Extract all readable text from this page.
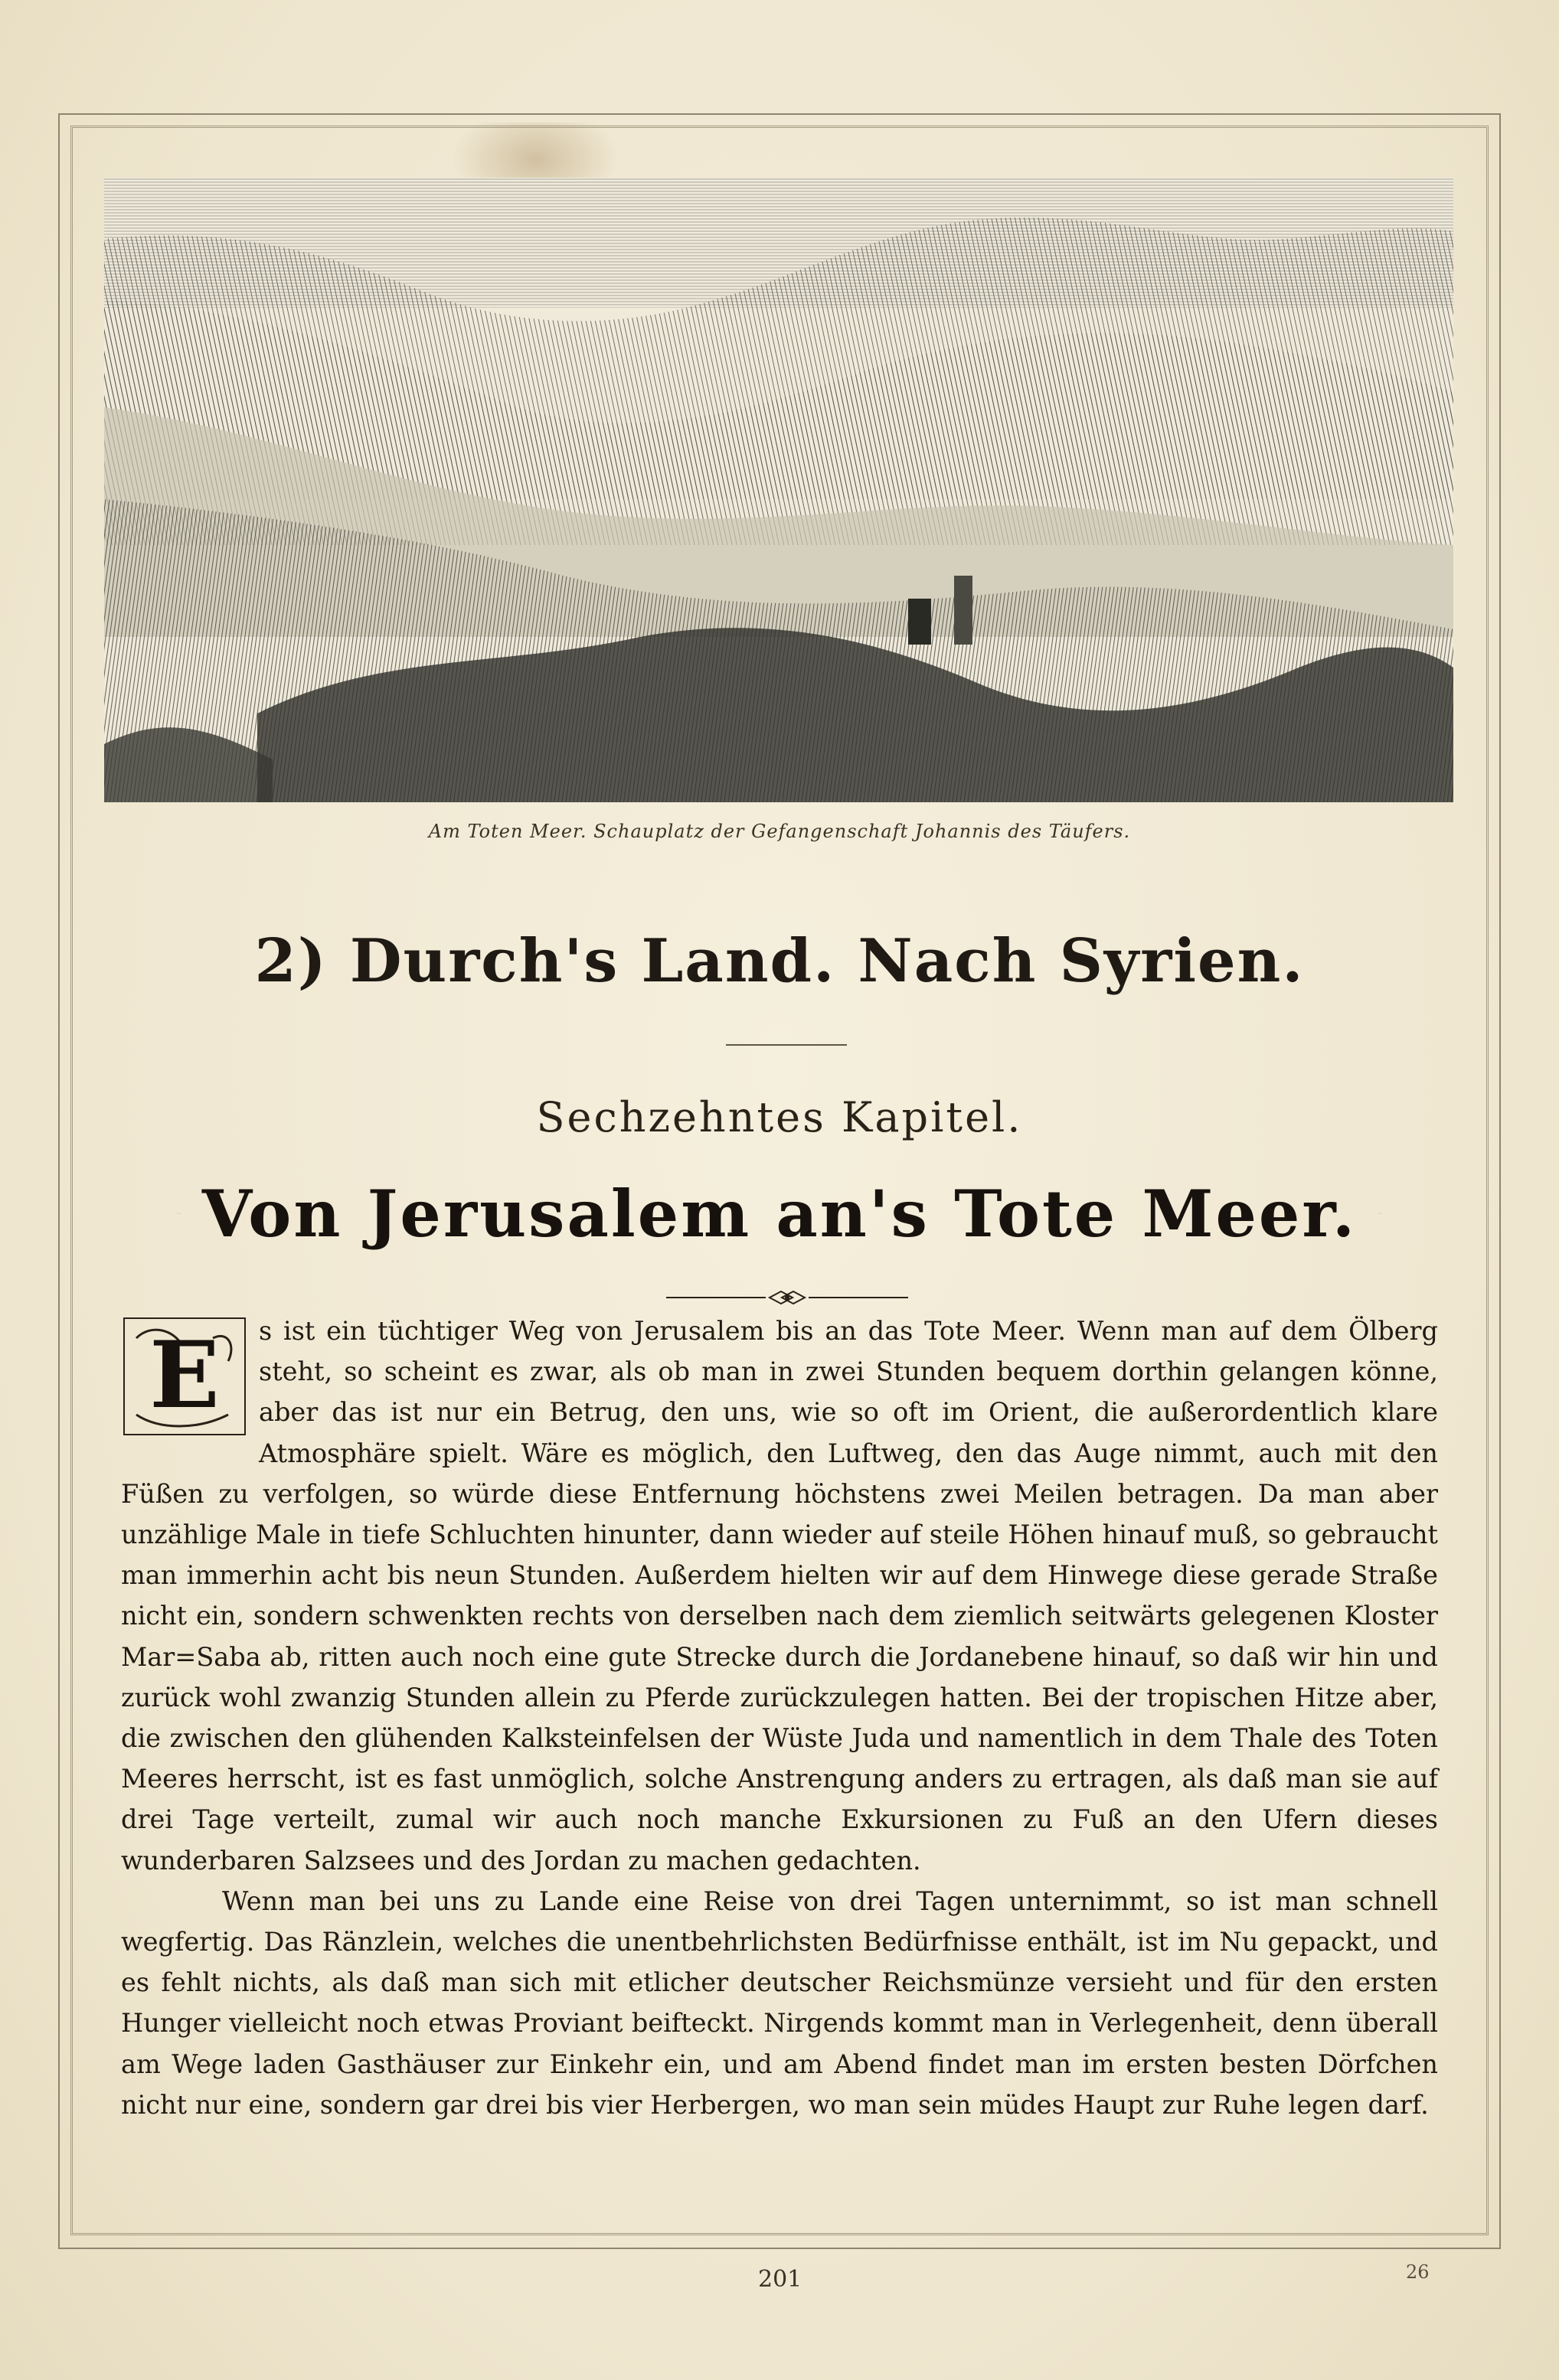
Am Toten Meer. Schauplatz der Gefangenschaft Johannis des Täufers.
2) Durch's Land. Nach Syrien.
Sechzehntes Kapitel.
Von Jerusalem an's Tote Meer.
E	s ist ein tüchtiger Weg von Jerusalem bis an das Tote Meer. Wenn man auf dem Ölberg steht, so scheint es zwar, als ob man in zwei Stunden bequem dorthin gelangen könne, aber das ist nur ein Betrug, den uns, wie so oft im Orient, die außerordentlich klare Atmosphäre spielt. Wäre es möglich, den Luftweg, den das Auge nimmt, auch mit den Füßen zu verfolgen, so würde diese Entfernung höchstens zwei Meilen betragen. Da man aber unzählige Male in tiefe Schluchten hinunter, dann wieder auf steile Höhen hinauf muß, so gebraucht man immerhin acht bis neun Stunden. Außerdem hielten wir auf dem Hinwege diese gerade Straße nicht ein, sondern schwenkten rechts von derselben nach dem ziemlich seitwärts gelegenen Kloster Mar=Saba ab, ritten auch noch eine gute Strecke durch die Jordanebene hinauf, so daß wir hin und zurück wohl zwanzig Stunden allein zu Pferde zurückzulegen hatten. Bei der tropischen Hitze aber, die zwischen den glühenden Kalksteinfelsen der Wüste Juda und namentlich in dem Thale des Toten Meeres herrscht, ist es fast unmöglich, solche Anstrengung anders zu ertragen, als daß man sie auf drei Tage verteilt, zumal wir auch noch manche Exkursionen zu Fuß an den Ufern dieses wunderbaren Salzsees und des Jordan zu machen gedachten.

Wenn man bei uns zu Lande eine Reise von drei Tagen unternimmt, so ist man schnell wegfertig. Das Ränzlein, welches die unentbehrlichsten Bedürfnisse enthält, ist im Nu gepackt, und es fehlt nichts, als daß man sich mit etlicher deutscher Reichsmünze versieht und für den ersten Hunger vielleicht noch etwas Proviant beifteckt. Nirgends kommt man in Verlegenheit, denn überall am Wege laden Gasthäuser zur Einkehr ein, und am Abend findet man im ersten besten Dörfchen nicht nur eine, sondern gar drei bis vier Herbergen, wo man sein müdes Haupt zur Ruhe legen darf.

201	26
